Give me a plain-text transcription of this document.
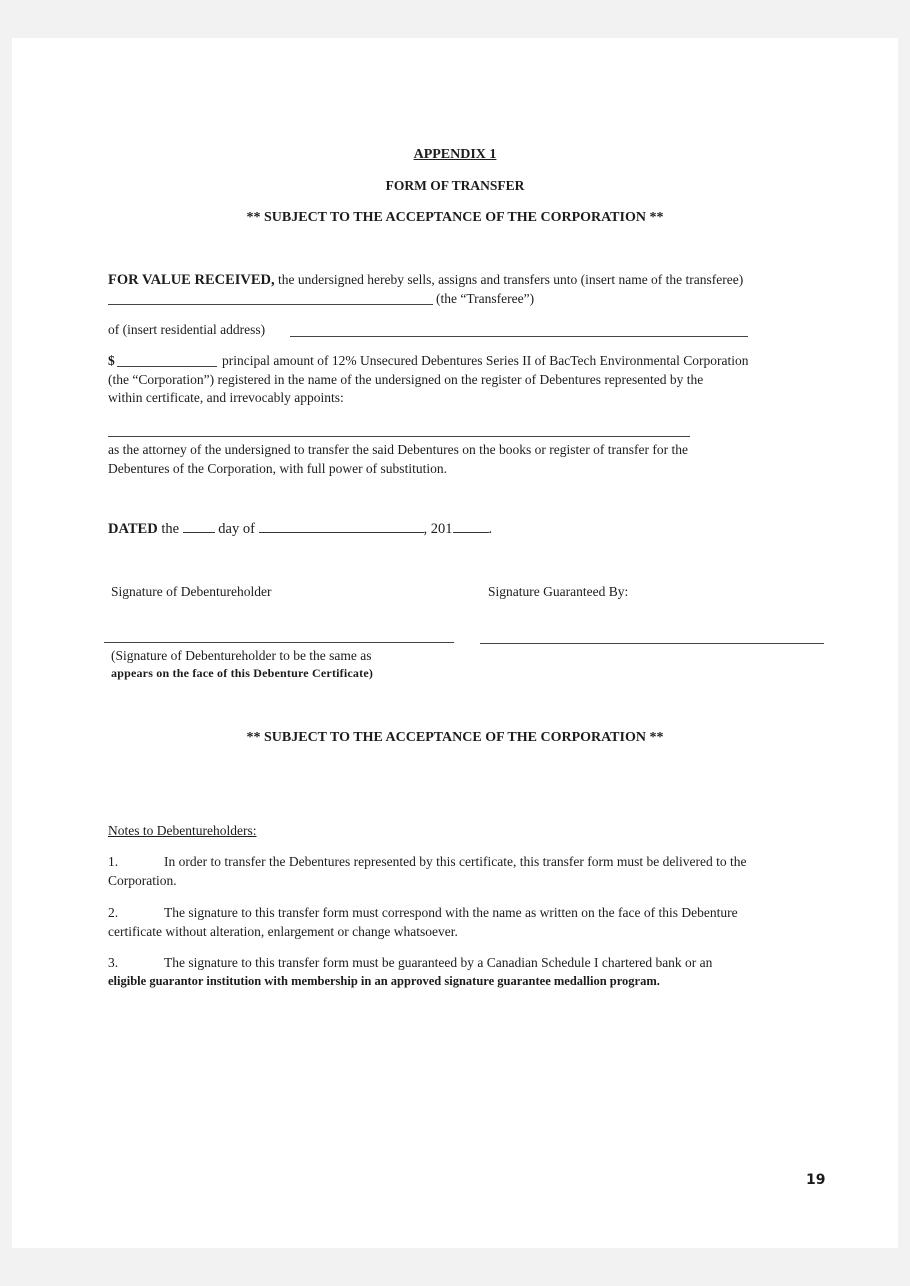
APPENDIX 1
FORM OF TRANSFER
** SUBJECT TO THE ACCEPTANCE OF THE CORPORATION **
FOR VALUE RECEIVED, the undersigned hereby sells, assigns and transfers unto (insert name of the transferee)
(the “Transferee”)
of (insert residential address)
$	principal amount of 12% Unsecured Debentures Series II of BacTech Environmental Corporation
(the “Corporation”) registered in the name of the undersigned on the register of Debentures represented by the
within certificate, and irrevocably appoints:
as the attorney of the undersigned to transfer the said Debentures on the books or register of transfer for the
Debentures of the Corporation, with full power of substitution.
DATED the  day of	, 201 .
Signature of Debentureholder	Signature Guaranteed By:
(Signature of Debentureholder to be the same as
appears on the face of this Debenture Certificate)
** SUBJECT TO THE ACCEPTANCE OF THE CORPORATION **
Notes to Debentureholders:
1.	In order to transfer the Debentures represented by this certificate, this transfer form must be delivered to the
Corporation.
2.	The signature to this transfer form must correspond with the name as written on the face of this Debenture
certificate without alteration, enlargement or change whatsoever.
3.	The signature to this transfer form must be guaranteed by a Canadian Schedule I chartered bank or an
eligible guarantor institution with membership in an approved signature guarantee medallion program.
19
